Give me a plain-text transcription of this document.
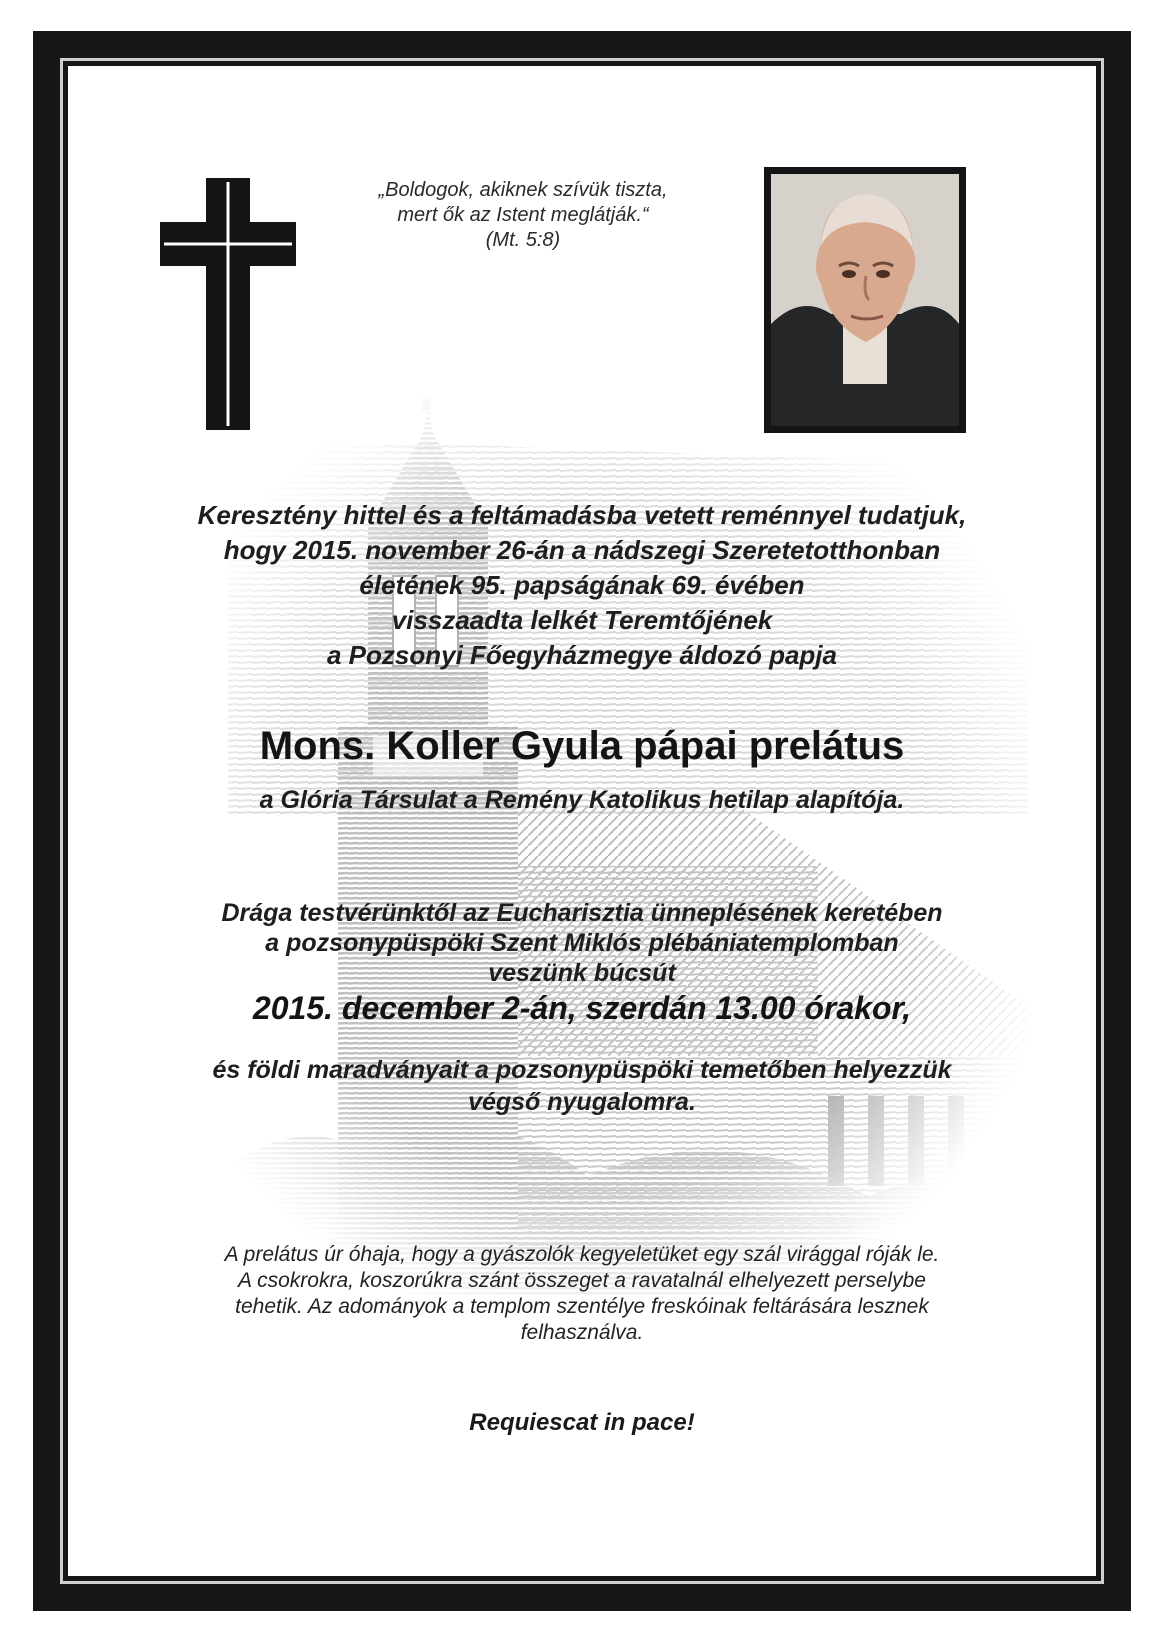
„Boldogok, akiknek szívük tiszta,
mert ők az Istent meglátják.“
(Mt. 5:8)
Keresztény hittel és a feltámadásba vetett reménnyel tudatjuk,
hogy 2015. november 26-án a nádszegi Szeretetotthonban
életének 95. papságának 69. évében
visszaadta lelkét Teremtőjének
a Pozsonyi Főegyházmegye áldozó papja
Mons. Koller Gyula pápai prelátus
a Glória Társulat a Remény Katolikus hetilap alapítója.
Drága testvérünktől az Eucharisztia ünneplésének keretében
a pozsonypüspöki Szent Miklós plébániatemplomban
veszünk búcsút
2015. december 2-án, szerdán 13.00 órakor,
és földi maradványait a pozsonypüspöki temetőben helyezzük
végső nyugalomra.
A prelátus úr óhaja, hogy a gyászolók kegyeletüket egy szál virággal róják le.
A csokrokra, koszorúkra szánt összeget a ravatalnál elhelyezett perselybe
tehetik. Az adományok a templom szentélye freskóinak feltárására lesznek
felhasználva.
Requiescat in pace!
